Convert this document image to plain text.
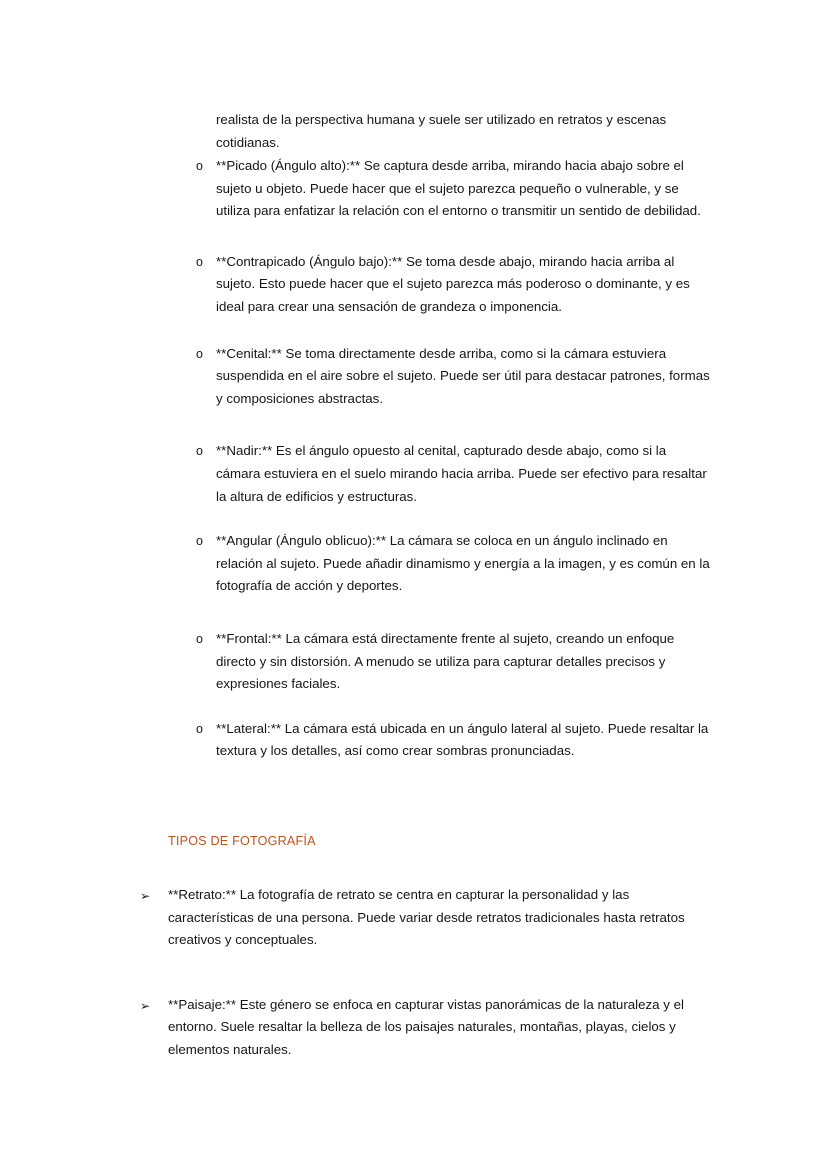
realista de la perspectiva humana y suele ser utilizado en retratos y escenas cotidianas.

o **Picado (Ángulo alto):** Se captura desde arriba, mirando hacia abajo sobre el sujeto u objeto. Puede hacer que el sujeto parezca pequeño o vulnerable, y se utiliza para enfatizar la relación con el entorno o transmitir un sentido de debilidad.
o **Contrapicado (Ángulo bajo):** Se toma desde abajo, mirando hacia arriba al sujeto. Esto puede hacer que el sujeto parezca más poderoso o dominante, y es ideal para crear una sensación de grandeza o imponencia.
o **Cenital:** Se toma directamente desde arriba, como si la cámara estuviera suspendida en el aire sobre el sujeto. Puede ser útil para destacar patrones, formas y composiciones abstractas.
o **Nadir:** Es el ángulo opuesto al cenital, capturado desde abajo, como si la cámara estuviera en el suelo mirando hacia arriba. Puede ser efectivo para resaltar la altura de edificios y estructuras.
o **Angular (Ángulo oblicuo):** La cámara se coloca en un ángulo inclinado en relación al sujeto. Puede añadir dinamismo y energía a la imagen, y es común en la fotografía de acción y deportes.
o **Frontal:** La cámara está directamente frente al sujeto, creando un enfoque directo y sin distorsión. A menudo se utiliza para capturar detalles precisos y expresiones faciales.
o **Lateral:** La cámara está ubicada en un ángulo lateral al sujeto. Puede resaltar la textura y los detalles, así como crear sombras pronunciadas.
TIPOS DE FOTOGRAFÍA
➢ **Retrato:** La fotografía de retrato se centra en capturar la personalidad y las características de una persona. Puede variar desde retratos tradicionales hasta retratos creativos y conceptuales.
➢ **Paisaje:** Este género se enfoca en capturar vistas panorámicas de la naturaleza y el entorno. Suele resaltar la belleza de los paisajes naturales, montañas, playas, cielos y elementos naturales.
